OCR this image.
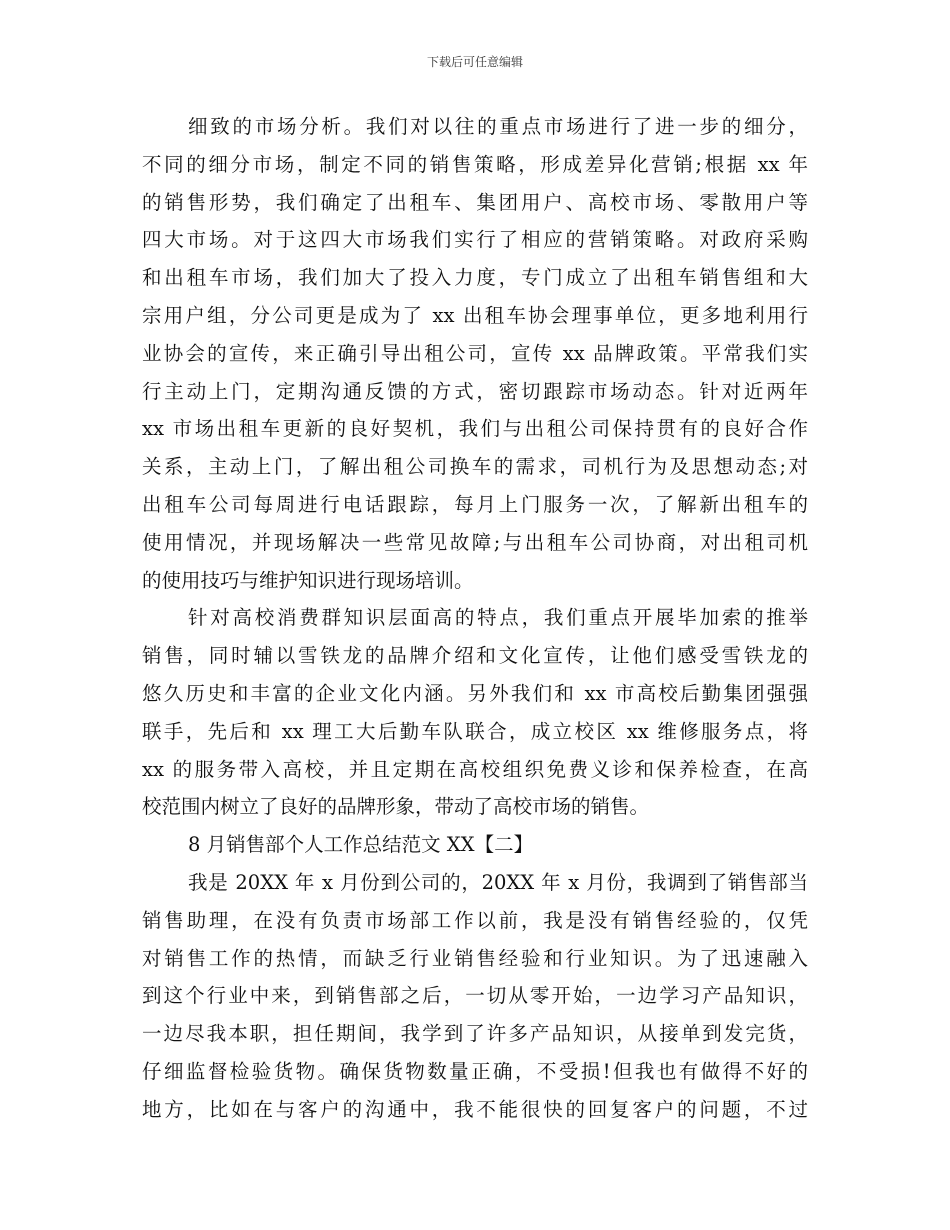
下载后可任意编辑
细致的市场分析。我们对以往的重点市场进行了进一步的细分，
不同的细分市场，制定不同的销售策略，形成差异化营销;根据 xx 年
的销售形势，我们确定了出租车、集团用户、高校市场、零散用户等
四大市场。对于这四大市场我们实行了相应的营销策略。对政府采购
和出租车市场，我们加大了投入力度，专门成立了出租车销售组和大
宗用户组，分公司更是成为了 xx 出租车协会理事单位，更多地利用行
业协会的宣传，来正确引导出租公司，宣传 xx 品牌政策。平常我们实
行主动上门，定期沟通反馈的方式，密切跟踪市场动态。针对近两年
xx 市场出租车更新的良好契机，我们与出租公司保持贯有的良好合作
关系，主动上门，了解出租公司换车的需求，司机行为及思想动态;对
出租车公司每周进行电话跟踪，每月上门服务一次，了解新出租车的
使用情况，并现场解决一些常见故障;与出租车公司协商，对出租司机
的使用技巧与维护知识进行现场培训。
针对高校消费群知识层面高的特点，我们重点开展毕加索的推举
销售，同时辅以雪铁龙的品牌介绍和文化宣传，让他们感受雪铁龙的
悠久历史和丰富的企业文化内涵。另外我们和 xx 市高校后勤集团强强
联手，先后和 xx 理工大后勤车队联合，成立校区 xx 维修服务点，将
xx 的服务带入高校，并且定期在高校组织免费义诊和保养检查，在高
校范围内树立了良好的品牌形象，带动了高校市场的销售。
8 月销售部个人工作总结范文 XX【二】
我是 20XX 年 x 月份到公司的，20XX 年 x 月份，我调到了销售部当
销售助理，在没有负责市场部工作以前，我是没有销售经验的，仅凭
对销售工作的热情，而缺乏行业销售经验和行业知识。为了迅速融入
到这个行业中来，到销售部之后，一切从零开始，一边学习产品知识，
一边尽我本职，担任期间，我学到了许多产品知识，从接单到发完货，
仔细监督检验货物。确保货物数量正确，不受损!但我也有做得不好的
地方，比如在与客户的沟通中，我不能很快的回复客户的问题，不过
